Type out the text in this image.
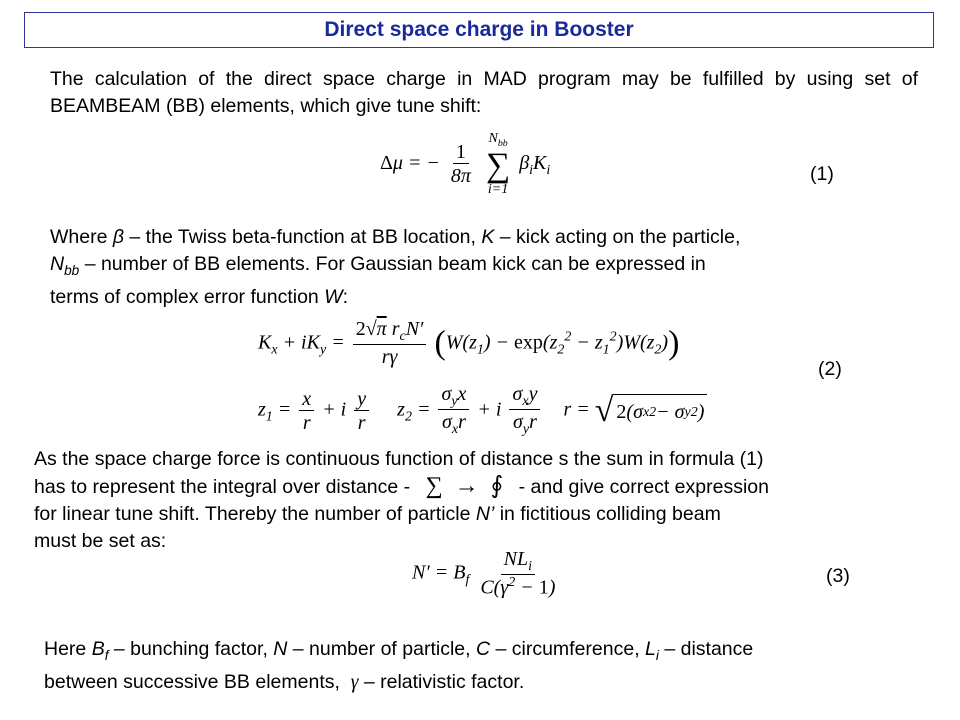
Direct space charge in Booster
The calculation of the direct space charge in MAD program may be fulfilled by using set of BEAMBEAM (BB) elements, which give tune shift:
Δμ = − $\frac{1}{8\pi}$

$N_{bb}$
∑
i=1
$\beta_iK_i$	(1)
Where β – the Twiss beta-function at BB location, K – kick acting on the particle,
$N_{bb}$ – number of BB elements. For Gaussian beam kick can be expressed in
terms of complex error function W:
$K_x + iK_y = \frac{2√\pi r_cN'}{r\gamma} (W(z_1) - \exp(z_2^2 - z_1^2)W(z_2))$
(2)
$z_1 = \frac{x}{r} + i \frac{y}{r} z_2 = \frac{\sigma_yx}{\sigma_xr} + i \frac{\sigma_xy}{\sigma_yr}$ r = √ 2 (σ x 2 − σ y 2 )
As the space charge force is continuous function of distance s the sum in formula (1)
has to represent the integral over distance - ∑  →  ∮ - and give correct expression
for linear tune shift. Thereby the number of particle N’ in fictitious colliding beam
must be set as:
$N' = B_f \frac{NL_i}{C(\gamma^2 - 1)}$	(3)
Here $B_f$ – bunching factor, N – number of particle, C – circumference, $L_i$ – distance
between successive BB elements,  γ – relativistic factor.
